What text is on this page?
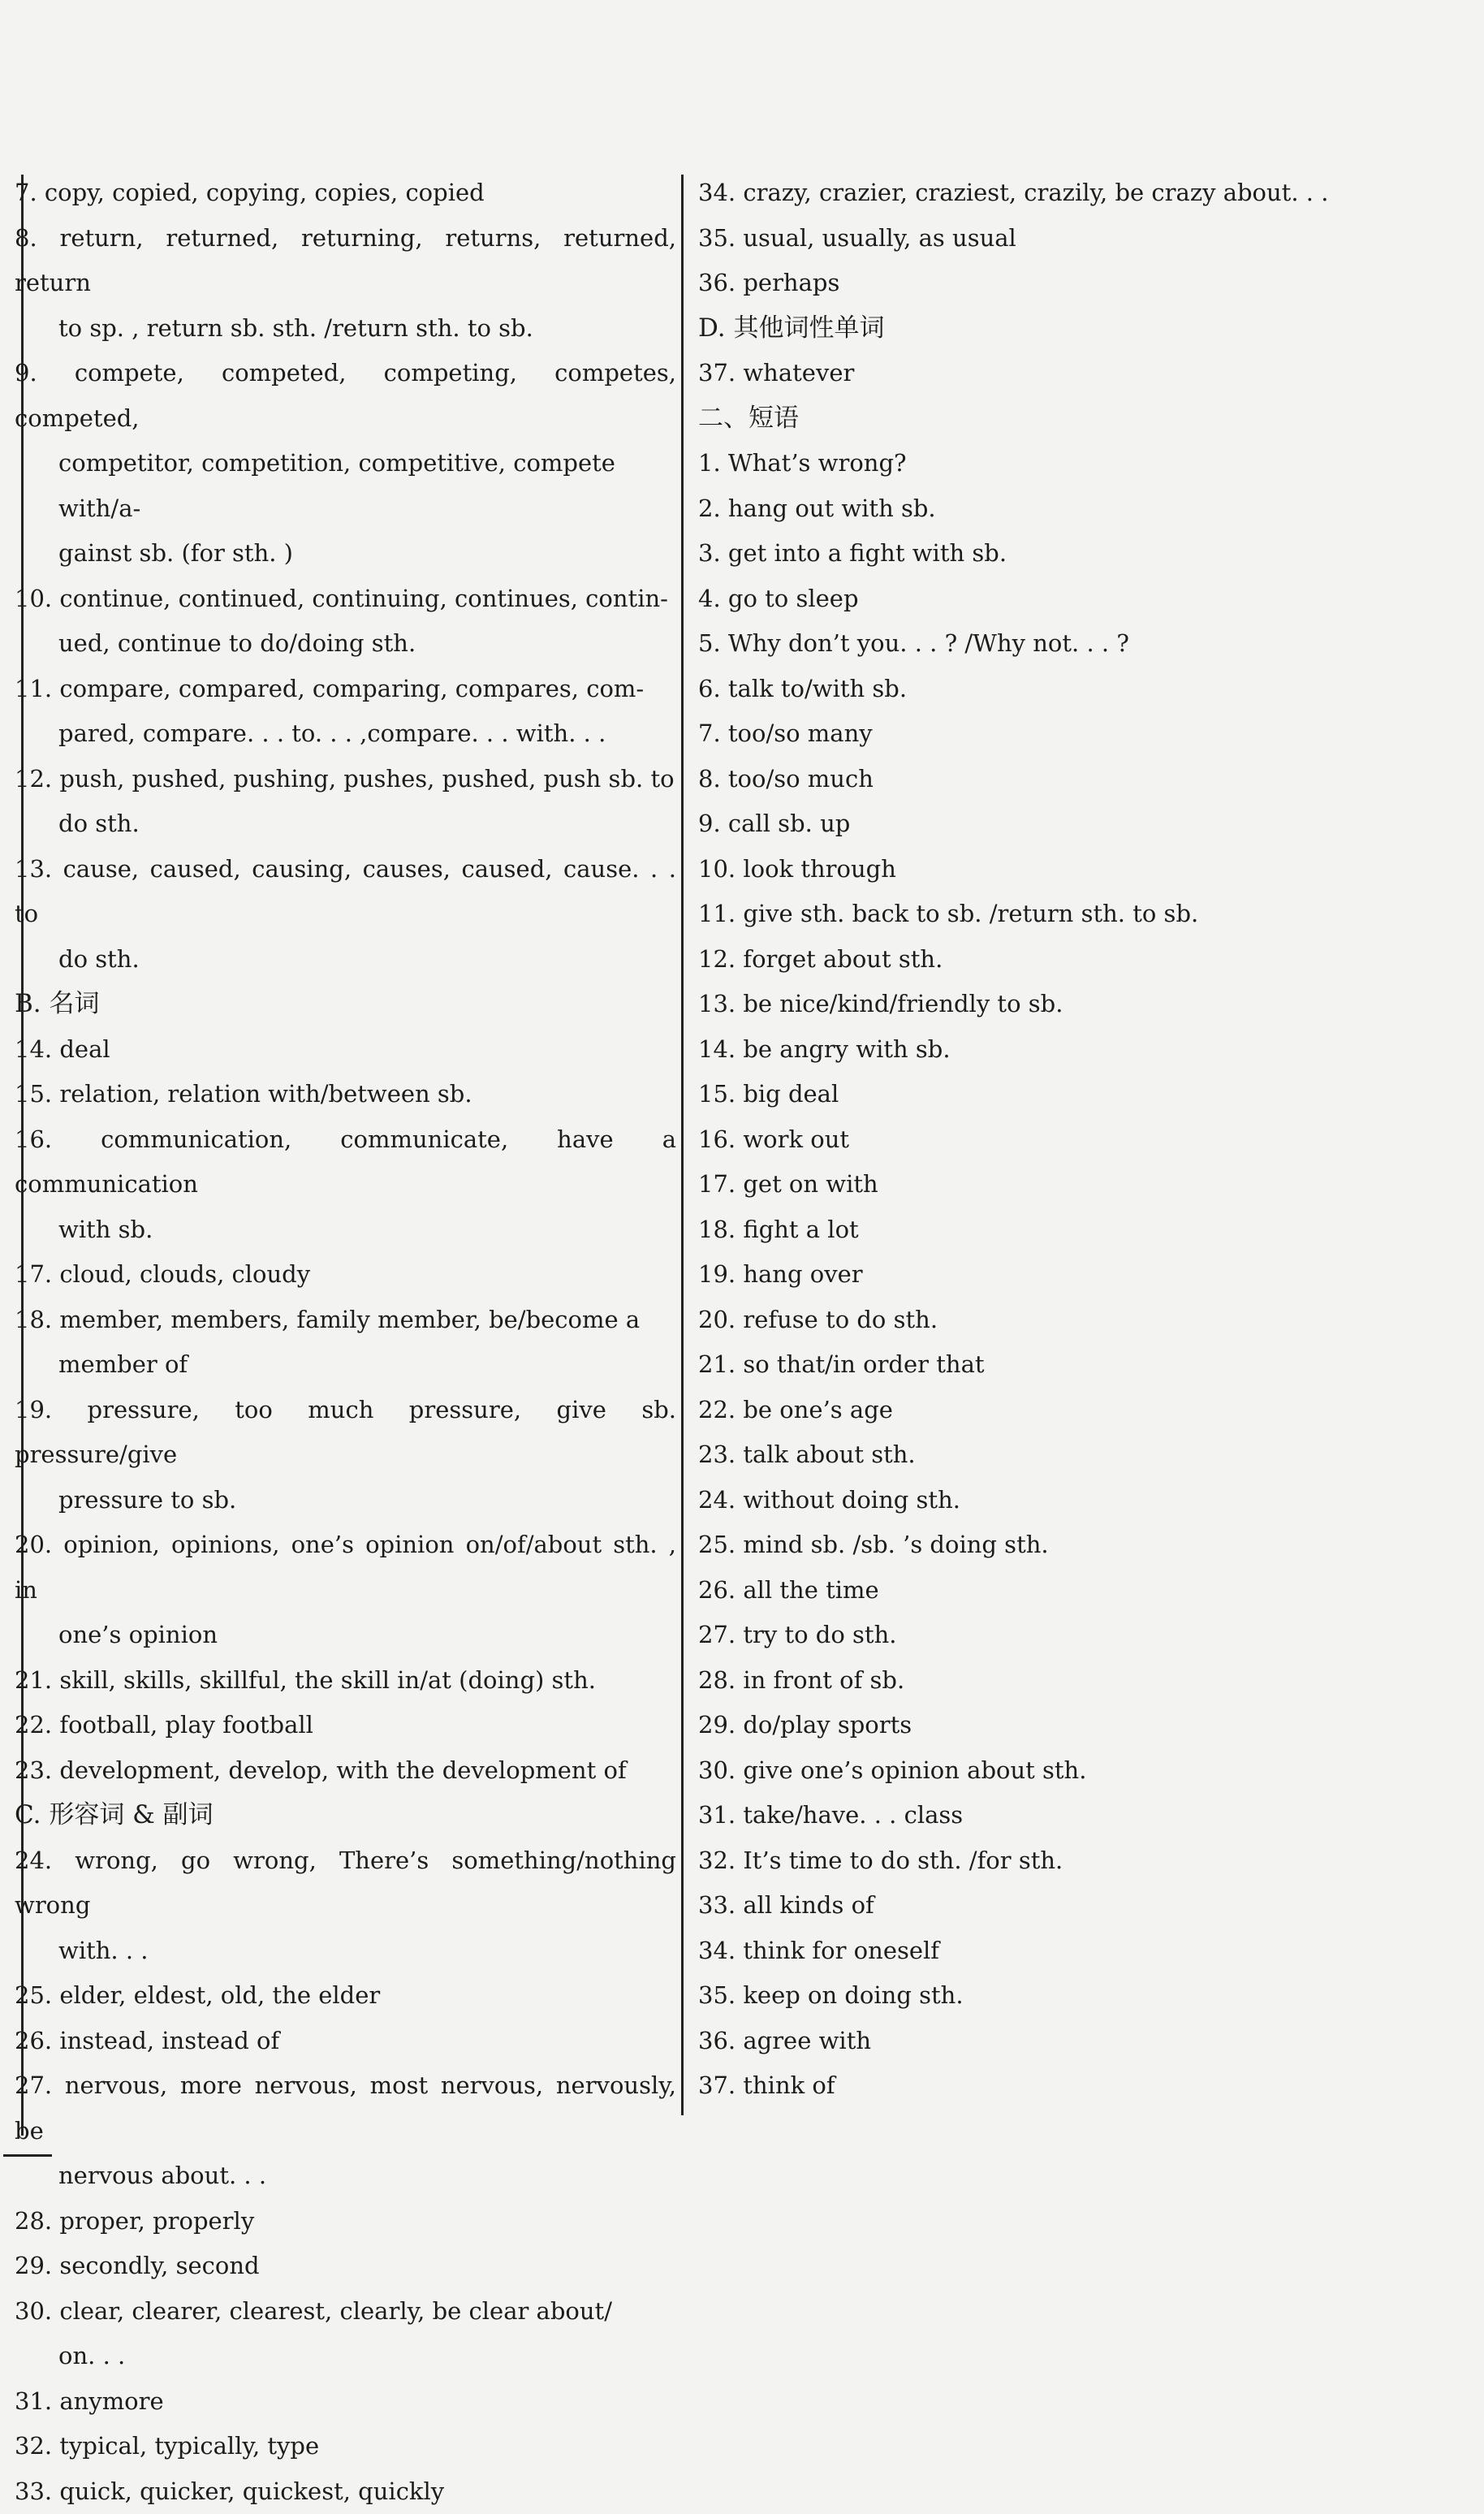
7. copy, copied, copying, copies, copied
8. return, returned, returning, returns, returned, return
to sp. , return sb. sth. /return sth. to sb.
9. compete, competed, competing, competes, competed,
competitor, competition, competitive, compete with/a-
gainst sb. (for sth. )
10. continue, continued, continuing, continues, contin-
ued, continue to do/doing sth.
11. compare, compared, comparing, compares, com-
pared, compare. . . to. . . ,compare. . . with. . .
12. push, pushed, pushing, pushes, pushed, push sb. to
do sth.
13. cause, caused, causing, causes, caused, cause. . . to
do sth.
B. 名词
14. deal
15. relation, relation with/between sb.
16. communication, communicate, have a communication
with sb.
17. cloud, clouds, cloudy
18. member, members, family member, be/become a
member of
19. pressure, too much pressure, give sb. pressure/give
pressure to sb.
20. opinion, opinions, one’s opinion on/of/about sth. , in
one’s opinion
21. skill, skills, skillful, the skill in/at (doing) sth.
22. football, play football
23. development, develop, with the development of
C. 形容词 & 副词
24. wrong, go wrong, There’s something/nothing wrong
with. . .
25. elder, eldest, old, the elder
26. instead, instead of
27. nervous, more nervous, most nervous, nervously, be
nervous about. . .
28. proper, properly
29. secondly, second
30. clear, clearer, clearest, clearly, be clear about/
on. . .
31. anymore
32. typical, typically, type
33. quick, quicker, quickest, quickly
34. crazy, crazier, craziest, crazily, be crazy about. . .
35. usual, usually, as usual
36. perhaps
D. 其他词性单词
37. whatever
二、短语
1. What’s wrong?
2. hang out with sb.
3. get into a fight with sb.
4. go to sleep
5. Why don’t you. . . ? /Why not. . . ?
6. talk to/with sb.
7. too/so many
8. too/so much
9. call sb. up
10. look through
11. give sth. back to sb. /return sth. to sb.
12. forget about sth.
13. be nice/kind/friendly to sb.
14. be angry with sb.
15. big deal
16. work out
17. get on with
18. fight a lot
19. hang over
20. refuse to do sth.
21. so that/in order that
22. be one’s age
23. talk about sth.
24. without doing sth.
25. mind sb. /sb. ’s doing sth.
26. all the time
27. try to do sth.
28. in front of sb.
29. do/play sports
30. give one’s opinion about sth.
31. take/have. . . class
32. It’s time to do sth. /for sth.
33. all kinds of
34. think for oneself
35. keep on doing sth.
36. agree with
37. think of
